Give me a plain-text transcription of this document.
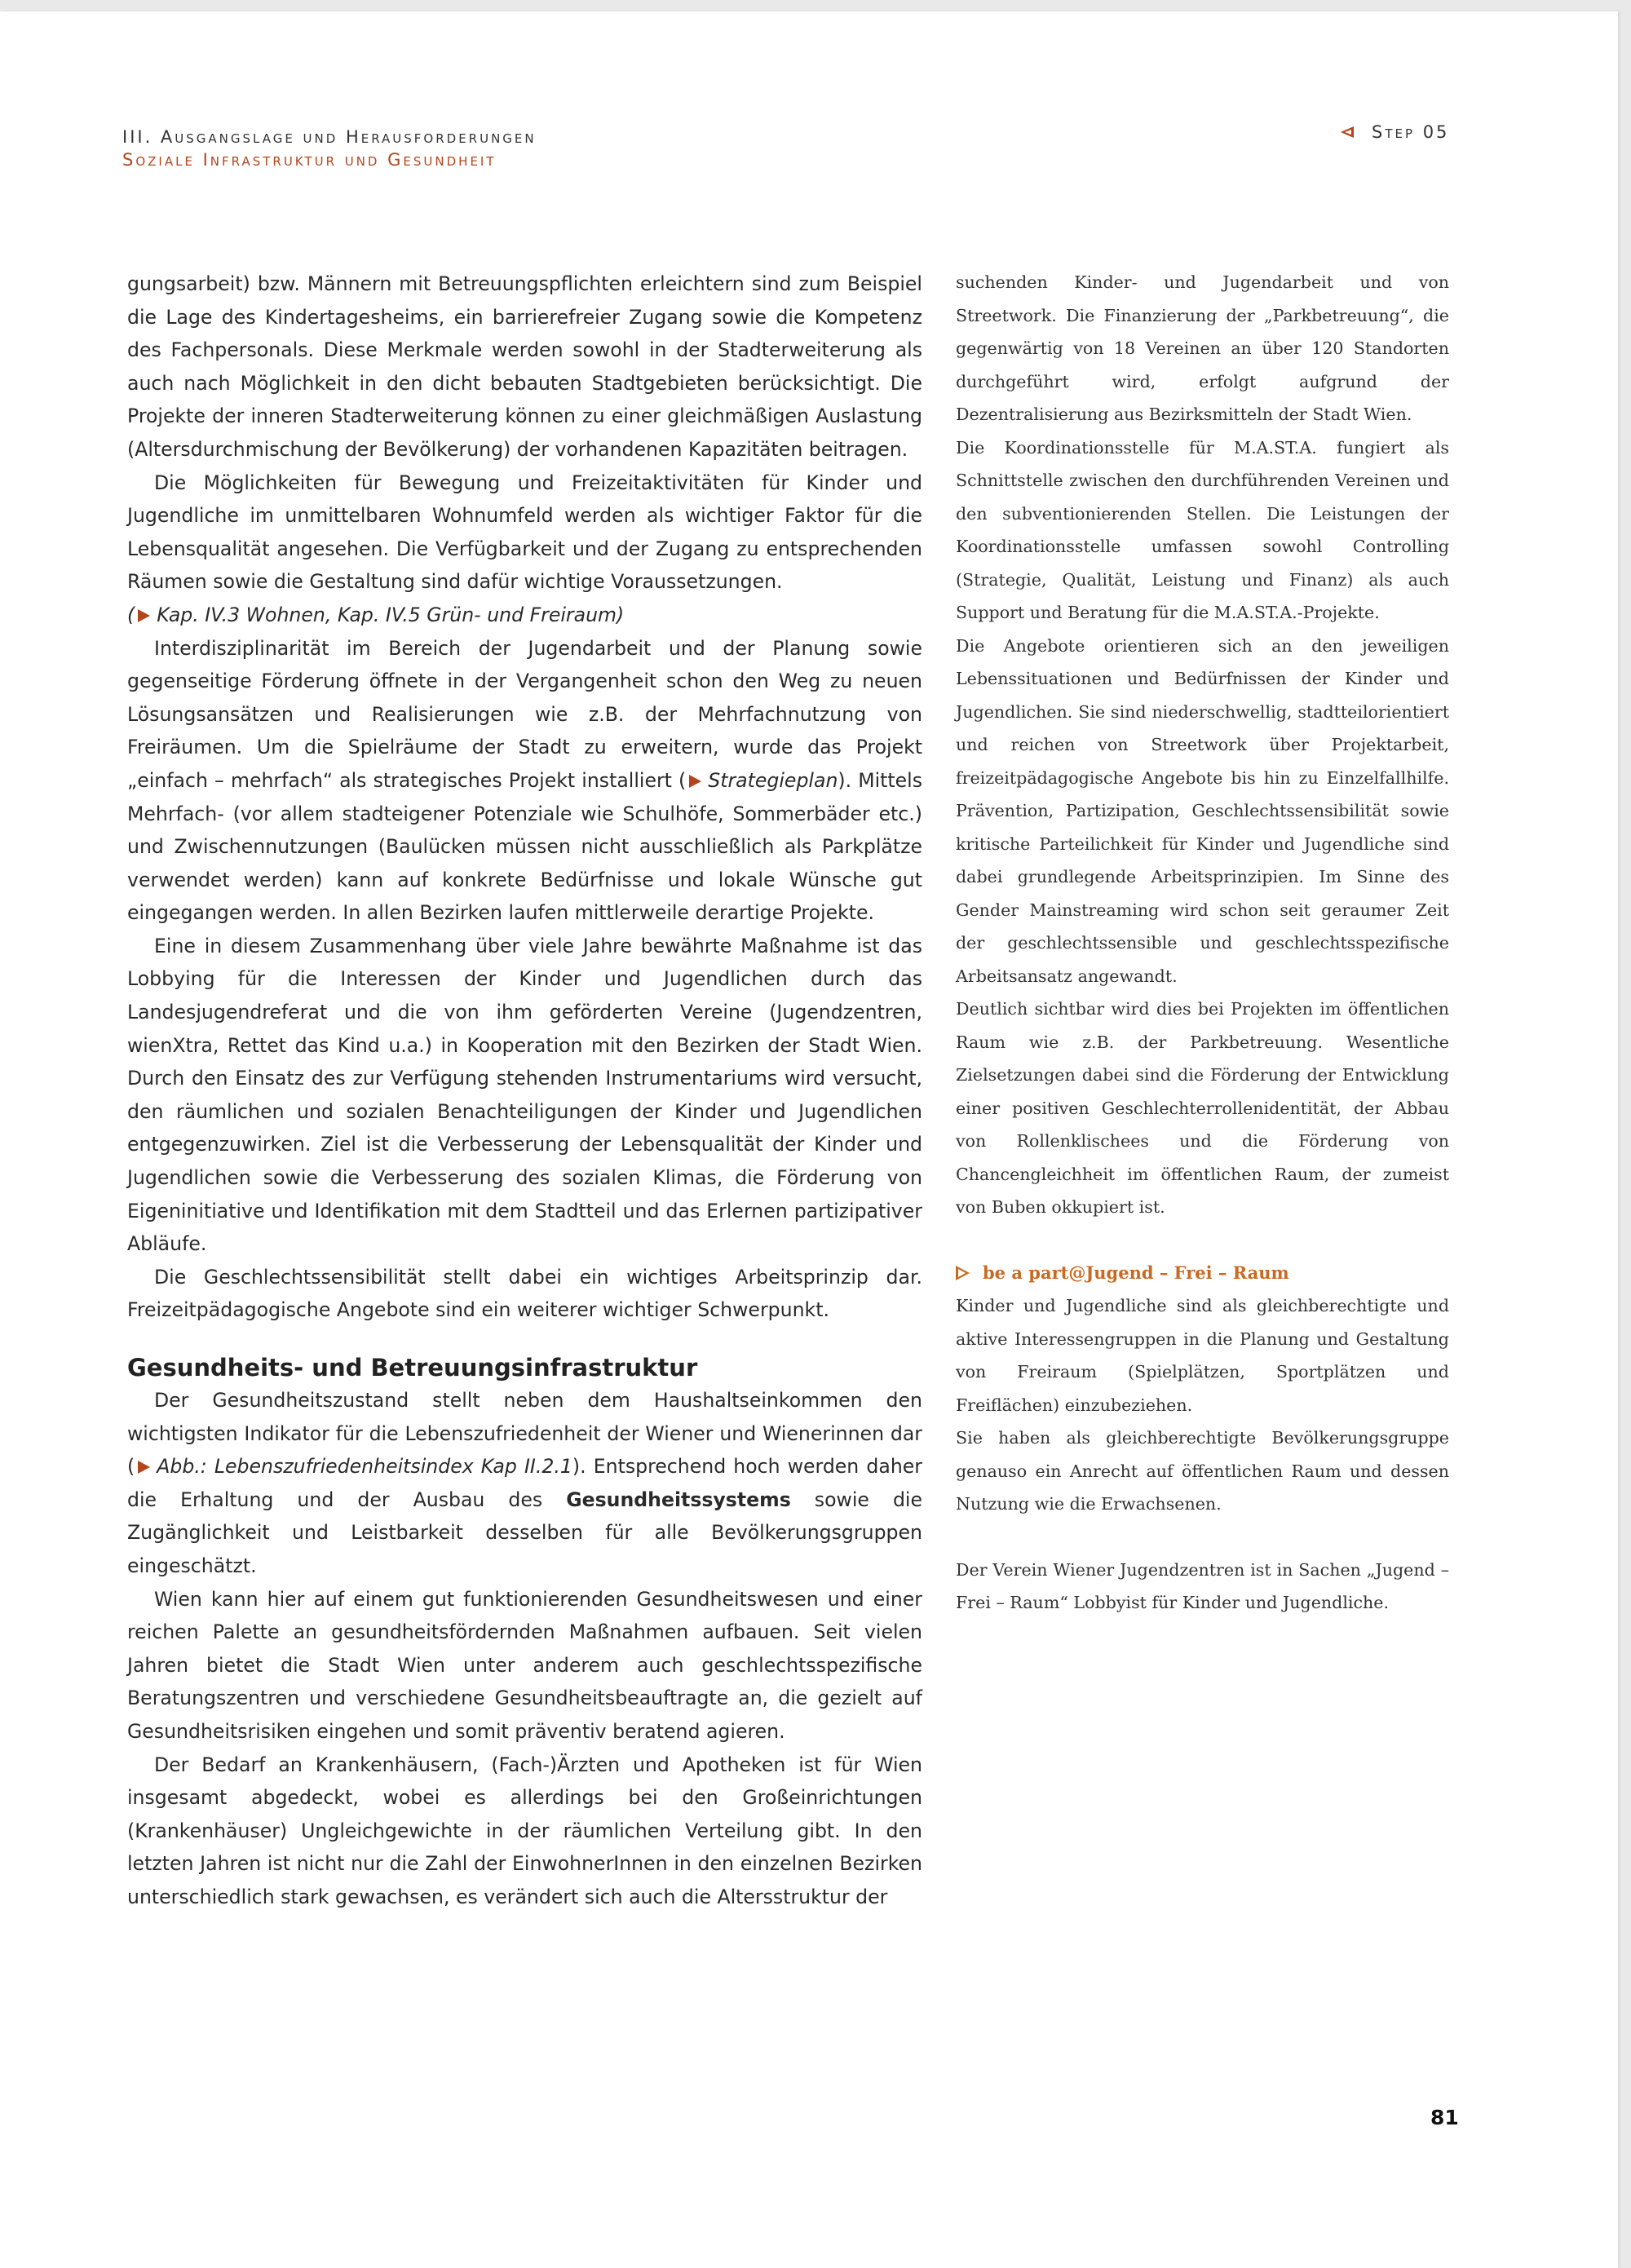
III. Ausgangslage und Herausforderungen
Soziale Infrastruktur und Gesundheit
Step 05

gungsarbeit) bzw. Männern mit Betreuungspflichten erleichtern sind zum Beispiel die Lage des Kindertagesheims, ein barrierefreier Zugang sowie die Kompetenz des Fachpersonals. Diese Merkmale werden sowohl in der Stadterweiterung als auch nach Möglichkeit in den dicht bebauten Stadtgebieten berücksichtigt. Die Projekte der inneren Stadterweiterung können zu einer gleichmäßigen Auslastung (Altersdurchmischung der Bevölkerung) der vorhandenen Kapazitäten beitragen.

Die Möglichkeiten für Bewegung und Freizeitaktivitäten für Kinder und Jugendliche im unmittelbaren Wohnumfeld werden als wichtiger Faktor für die Lebensqualität angesehen. Die Verfügbarkeit und der Zugang zu entsprechenden Räumen sowie die Gestaltung sind dafür wichtige Voraussetzungen.

( Kap. IV.3 Wohnen, Kap. IV.5 Grün- und Freiraum)

Interdisziplinarität im Bereich der Jugendarbeit und der Planung sowie gegenseitige Förderung öffnete in der Vergangenheit schon den Weg zu neuen Lösungsansätzen und Realisierungen wie z.B. der Mehrfachnutzung von Freiräumen. Um die Spielräume der Stadt zu erweitern, wurde das Projekt „einfach – mehrfach“ als strategisches Projekt installiert ( Strategieplan). Mittels Mehrfach- (vor allem stadteigener Potenziale wie Schulhöfe, Sommerbäder etc.) und Zwischennutzungen (Baulücken müssen nicht ausschließlich als Parkplätze verwendet werden) kann auf konkrete Bedürfnisse und lokale Wünsche gut eingegangen werden. In allen Bezirken laufen mittlerweile derartige Projekte.

Eine in diesem Zusammenhang über viele Jahre bewährte Maßnahme ist das Lobbying für die Interessen der Kinder und Jugendlichen durch das Landesjugendreferat und die von ihm geförderten Vereine (Jugendzentren, wienXtra, Rettet das Kind u.a.) in Kooperation mit den Bezirken der Stadt Wien. Durch den Einsatz des zur Verfügung stehenden Instrumentariums wird versucht, den räumlichen und sozialen Benachteiligungen der Kinder und Jugendlichen entgegenzuwirken. Ziel ist die Verbesserung der Lebensqualität der Kinder und Jugendlichen sowie die Verbesserung des sozialen Klimas, die Förderung von Eigeninitiative und Identifikation mit dem Stadtteil und das Erlernen partizipativer Abläufe.

Die Geschlechtssensibilität stellt dabei ein wichtiges Arbeitsprinzip dar. Freizeitpädagogische Angebote sind ein weiterer wichtiger Schwerpunkt.

Gesundheits- und Betreuungsinfrastruktur

Der Gesundheitszustand stellt neben dem Haushaltseinkommen den wichtigsten Indikator für die Lebenszufriedenheit der Wiener und Wienerinnen dar ( Abb.: Lebenszufriedenheitsindex Kap II.2.1). Entsprechend hoch werden daher die Erhaltung und der Ausbau des Gesundheitssystems sowie die Zugänglichkeit und Leistbarkeit desselben für alle Bevölkerungsgruppen eingeschätzt.

Wien kann hier auf einem gut funktionierenden Gesundheitswesen und einer reichen Palette an gesundheitsfördernden Maßnahmen aufbauen. Seit vielen Jahren bietet die Stadt Wien unter anderem auch geschlechtsspezifische Beratungszentren und verschiedene Gesundheitsbeauftragte an, die gezielt auf Gesundheitsrisiken eingehen und somit präventiv beratend agieren.

Der Bedarf an Krankenhäusern, (Fach-)Ärzten und Apotheken ist für Wien insgesamt abgedeckt, wobei es allerdings bei den Großeinrichtungen (Krankenhäuser) Ungleichgewichte in der räumlichen Verteilung gibt. In den letzten Jahren ist nicht nur die Zahl der EinwohnerInnen in den einzelnen Bezirken unterschiedlich stark gewachsen, es verändert sich auch die Altersstruktur der

suchenden Kinder- und Jugendarbeit und von Streetwork. Die Finanzierung der „Parkbetreuung“, die gegenwärtig von 18 Vereinen an über 120 Standorten durchgeführt wird, erfolgt aufgrund der Dezentralisierung aus Bezirksmitteln der Stadt Wien.

Die Koordinationsstelle für M.A.ST.A. fungiert als Schnittstelle zwischen den durchführenden Vereinen und den subventionierenden Stellen. Die Leistungen der Koordinationsstelle umfassen sowohl Controlling (Strategie, Qualität, Leistung und Finanz) als auch Support und Beratung für die M.A.ST.A.-Projekte.

Die Angebote orientieren sich an den jeweiligen Lebenssituationen und Bedürfnissen der Kinder und Jugendlichen. Sie sind niederschwellig, stadtteilorientiert und reichen von Streetwork über Projektarbeit, freizeitpädagogische Angebote bis hin zu Einzelfallhilfe. Prävention, Partizipation, Geschlechtssensibilität sowie kritische Parteilichkeit für Kinder und Jugendliche sind dabei grundlegende Arbeitsprinzipien. Im Sinne des Gender Mainstreaming wird schon seit geraumer Zeit der geschlechtssensible und geschlechtsspezifische Arbeitsansatz angewandt.

Deutlich sichtbar wird dies bei Projekten im öffentlichen Raum wie z.B. der Parkbetreuung. Wesentliche Zielsetzungen dabei sind die Förderung der Entwicklung einer positiven Geschlechterrollenidentität, der Abbau von Rollenklischees und die Förderung von Chancengleichheit im öffentlichen Raum, der zumeist von Buben okkupiert ist.

be a part@Jugend – Frei – Raum

Kinder und Jugendliche sind als gleichberechtigte und aktive Interessengruppen in die Planung und Gestaltung von Freiraum (Spielplätzen, Sportplätzen und Freiflächen) einzubeziehen.

Sie haben als gleichberechtigte Bevölkerungsgruppe genauso ein Anrecht auf öffentlichen Raum und dessen Nutzung wie die Erwachsenen.

Der Verein Wiener Jugendzentren ist in Sachen „Jugend – Frei – Raum“ Lobbyist für Kinder und Jugendliche.

81
